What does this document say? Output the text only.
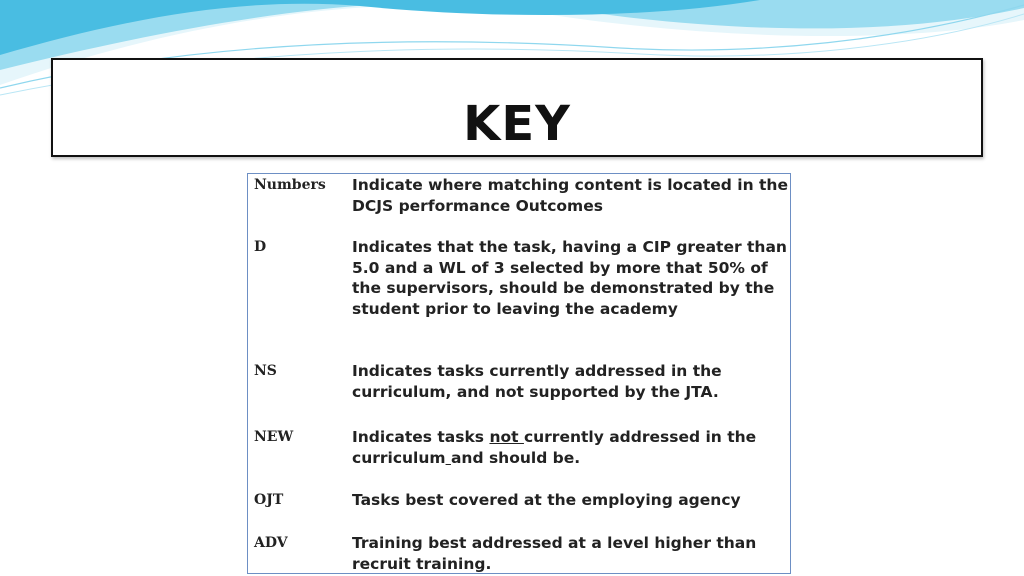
KEY
Numbers	Indicate where matching content is located in the DCJS performance Outcomes
D	Indicates that the task, having a CIP greater than 5.0 and a WL of 3 selected by more that 50% of the supervisors, should be demonstrated by the student prior to leaving the academy
NS	Indicates tasks currently addressed in the curriculum, and not supported by the JTA.
NEW	Indicates tasks not currently addressed in the curriculum and should be.
OJT	Tasks best covered at the employing agency
ADV	Training best addressed at a level higher than recruit training.
